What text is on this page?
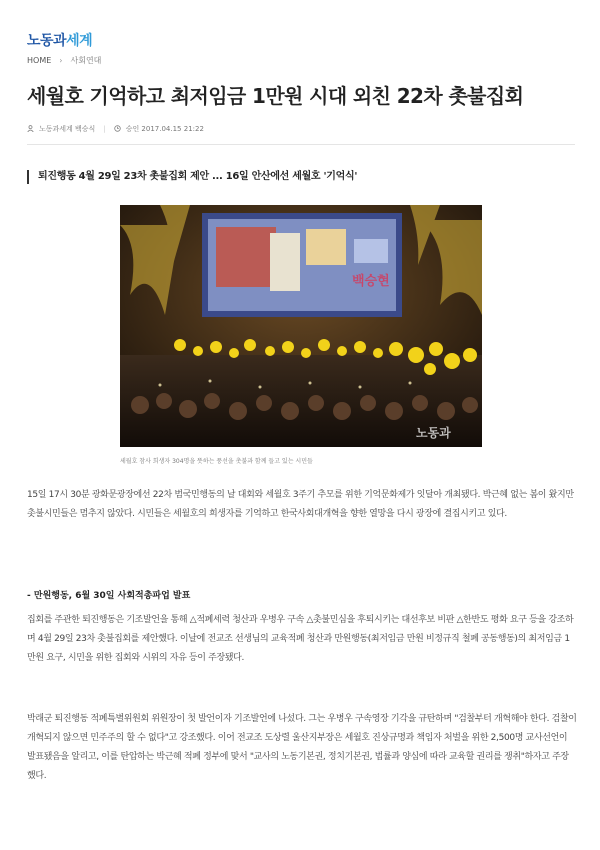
노동과세계
HOME › 사회연대
세월호 기억하고 최저임금 1만원 시대 외친 22차 촛불집회
노동과세계 백승식 |	승인 2017.04.15 21:22
퇴진행동 4월 29일 23차 촛불집회 제안 ... 16일 안산에선 세월호 '기억식'
백승현
노동과
세월호 참사 희생자 304명을 뜻하는 풍선을 촛불과 함께 들고 있는 시민들

15일 17시 30분 광화문광장에선 22차 범국민행동의 날 대회와 세월호 3주기 추모를 위한 기억문화제가 잇달아 개최됐다. 박근혜 없는 봄이 왔지만 촛불시민들은 멈추지 않았다. 시민들은 세월호의 희생자를 기억하고 한국사회대개혁을 향한 열망을 다시 광장에 결집시키고 있다.

- 만원행동, 6월 30일 사회적총파업 발표

집회를 주관한 퇴진행동은 기조발언을 통해 △적폐세력 청산과 우병우 구속 △촛불민심을 후퇴시키는 대선후보 비판 △한반도 평화 요구 등을 강조하며 4월 29일 23차 촛불집회를 제안했다. 이날에 전교조 선생님의 교육적폐 청산과 만원행동(최저임금 만원 비정규직 철폐 공동행동)의 최저임금 1만원 요구, 시민을 위한 집회와 시위의 자유 등이 주장됐다.

박래군 퇴진행동 적폐특별위원회 위원장이 첫 발언이자 기조발언에 나섰다. 그는 우병우 구속영장 기각을 규탄하며 "검찰부터 개혁해야 한다. 검찰이 개혁되지 않으면 민주주의 할 수 없다"고 강조했다. 이어 전교조 도상렬 울산지부장은 세월호 진상규명과 책임자 처벌을 위한 2,500명 교사선언이 발표됐음을 알리고, 이를 탄압하는 박근혜 적폐 정부에 맞서 "교사의 노동기본권, 정치기본권, 법률과 양심에 따라 교육할 권리를 쟁취"하자고 주장했다.
